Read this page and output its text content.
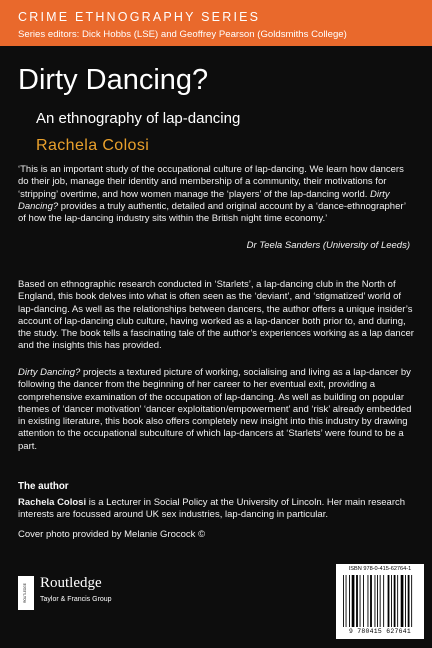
CRIME ETHNOGRAPHY SERIES
Series editors: Dick Hobbs (LSE) and Geoffrey Pearson (Goldsmiths College)
Dirty Dancing?
An ethnography of lap-dancing
Rachela Colosi
‘This is an important study of the occupational culture of lap-dancing. We learn how dancers do their job, manage their identity and membership of a community, their motivations for ‘stripping’ overtime, and how women manage the ‘players’ of the lap-dancing world. Dirty Dancing? provides a truly authentic, detailed and original account by a ‘dance-ethnographer’ of how the lap-dancing industry sits within the British night time economy.’
Dr Teela Sanders (University of Leeds)
Based on ethnographic research conducted in ‘Starlets’, a lap-dancing club in the North of England, this book delves into what is often seen as the ‘deviant’, and ‘stigmatized’ world of lap-dancing. As well as the relationships between dancers, the author offers a unique insider’s account of lap-dancing club culture, having worked as a lap-dancer both prior to, and during, the study. The book tells a fascinating tale of the author’s experiences working as a lap dancer and the insights this has provided.
Dirty Dancing? projects a textured picture of working, socialising and living as a lap-dancer by following the dancer from the beginning of her career to her eventual exit, providing a comprehensive examination of the occupation of lap-dancing. As well as building on popular themes of ‘dancer motivation’ ‘dancer exploitation/empowerment’ and ‘risk’ already embedded in existing literature, this book also offers completely new insight into this industry by drawing attention to the occupational subculture of which lap-dancers at ‘Starlets’ were found to be a part.
The author
Rachela Colosi is a Lecturer in Social Policy at the University of Lincoln. Her main research interests are focussed around UK sex industries, lap-dancing in particular.
Cover photo provided by Melanie Grocock ©
ROUTLEDGE
Routledge
Taylor & Francis Group
ISBN 978-0-415-62764-1
9 780415 627641
